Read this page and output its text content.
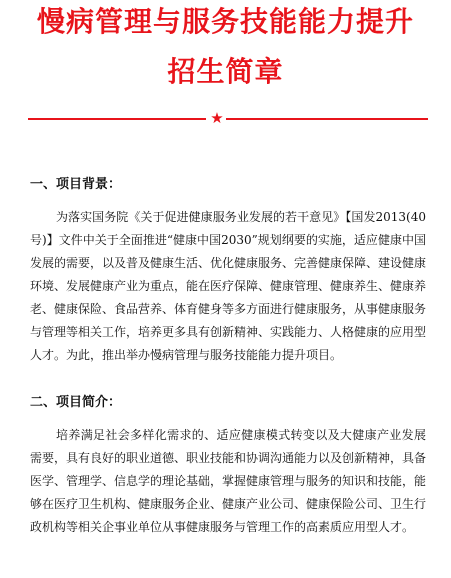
慢病管理与服务技能能力提升
招生简章
★
一、项目背景：

为落实国务院《关于促进健康服务业发展的若干意见》【国发2013(40号)】文件中关于全面推进“健康中国2030”规划纲要的实施，适应健康中国发展的需要，以及普及健康生活、优化健康服务、完善健康保障、建设健康环境、发展健康产业为重点，能在医疗保障、健康管理、健康养生、健康养老、健康保险、食品营养、体育健身等多方面进行健康服务，从事健康服务与管理等相关工作，培养更多具有创新精神、实践能力、人格健康的应用型人才。为此，推出举办慢病管理与服务技能能力提升项目。

二、项目简介：

培养满足社会多样化需求的、适应健康模式转变以及大健康产业发展需要，具有良好的职业道德、职业技能和协调沟通能力以及创新精神，具备医学、管理学、信息学的理论基础，掌握健康管理与服务的知识和技能，能够在医疗卫生机构、健康服务企业、健康产业公司、健康保险公司、卫生行政机构等相关企事业单位从事健康服务与管理工作的高素质应用型人才。
